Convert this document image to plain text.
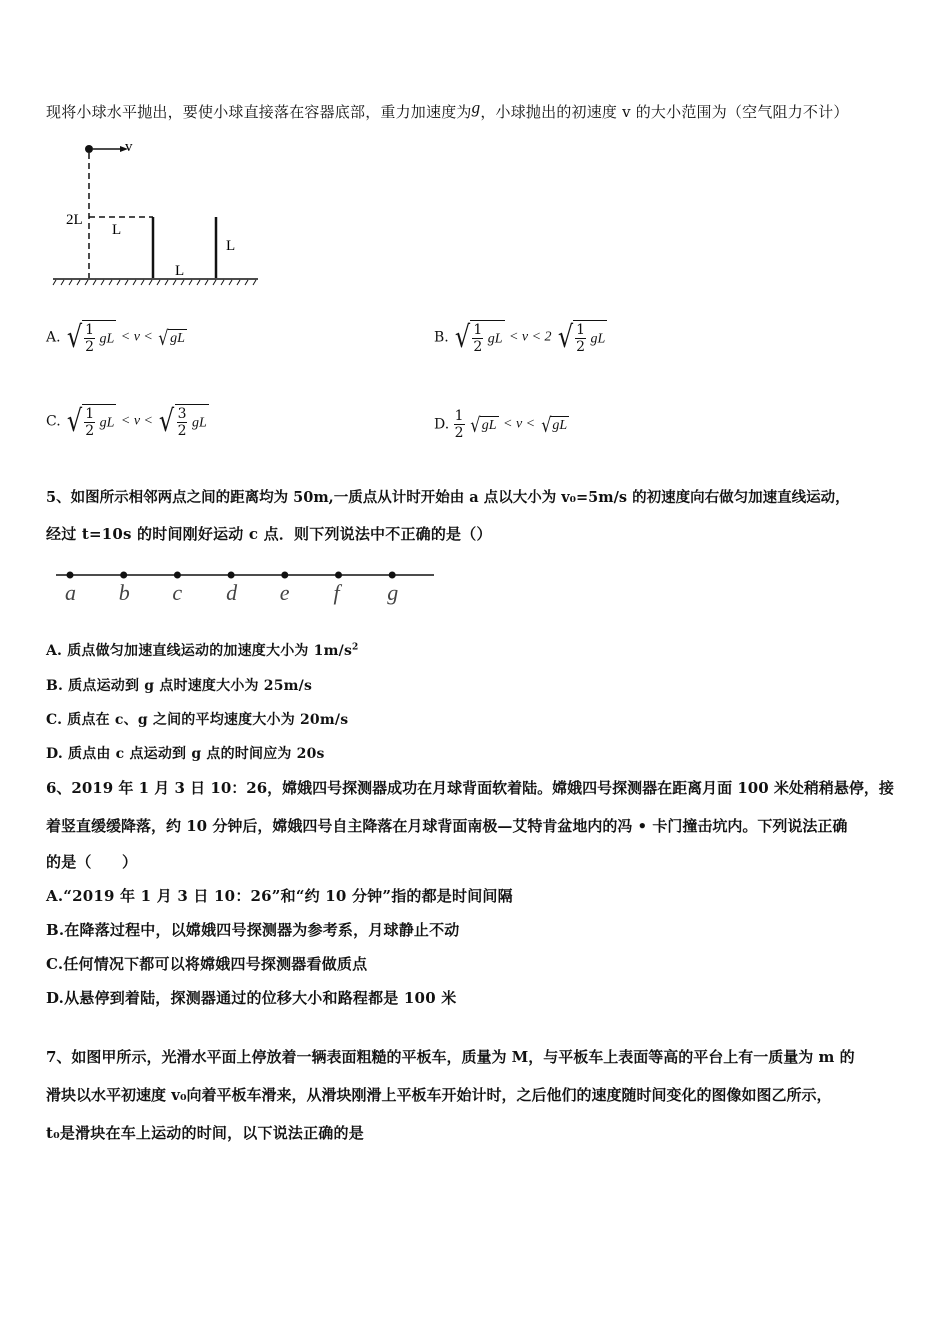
现将小球水平抛出，要使小球直接落在容器底部，重力加速度为g，小球抛出的初速度 v 的大小范围为（空气阻力不计）
v
2L
L
L
L
A. √ $\frac{1}{2}$ gL < v < √gL	B. √ $\frac{1}{2}$ gL < v < 2 √ $\frac{1}{2}$ gL
C. √ $\frac{1}{2}$ gL < v < √ $\frac{3}{2}$ gL	D. $\frac{1}{2} √gL < v < √gL$
5、如图所示相邻两点之间的距离均为 50m,一质点从计时开始由 a 点以大小为 v₀=5m/s 的初速度向右做匀加速直线运动，
经过 t=10s 的时间刚好运动 c 点．则下列说法中不正确的是（）
a b c d e f g
A. 质点做匀加速直线运动的加速度大小为 $1m/s^2$
B. 质点运动到 g 点时速度大小为 25m/s
C. 质点在 c、g 之间的平均速度大小为 20m/s
D. 质点由 c 点运动到 g 点的时间应为 20s
6、2019 年 1 月 3 日 10：26，嫦娥四号探测器成功在月球背面软着陆。嫦娥四号探测器在距离月面 100 米处稍稍悬停，接
着竖直缓缓降落，约 10 分钟后，嫦娥四号自主降落在月球背面南极—艾特肯盆地内的冯 • 卡门撞击坑内。下列说法正确
的是（　　）
A.“2019 年 1 月 3 日 10：26”和“约 10 分钟”指的都是时间间隔
B.在降落过程中，以嫦娥四号探测器为参考系，月球静止不动
C.任何情况下都可以将嫦娥四号探测器看做质点
D.从悬停到着陆，探测器通过的位移大小和路程都是 100 米
7、如图甲所示，光滑水平面上停放着一辆表面粗糙的平板车，质量为 M，与平板车上表面等高的平台上有一质量为 m 的
滑块以水平初速度 v₀向着平板车滑来，从滑块刚滑上平板车开始计时，之后他们的速度随时间变化的图像如图乙所示，
t₀是滑块在车上运动的时间，以下说法正确的是
